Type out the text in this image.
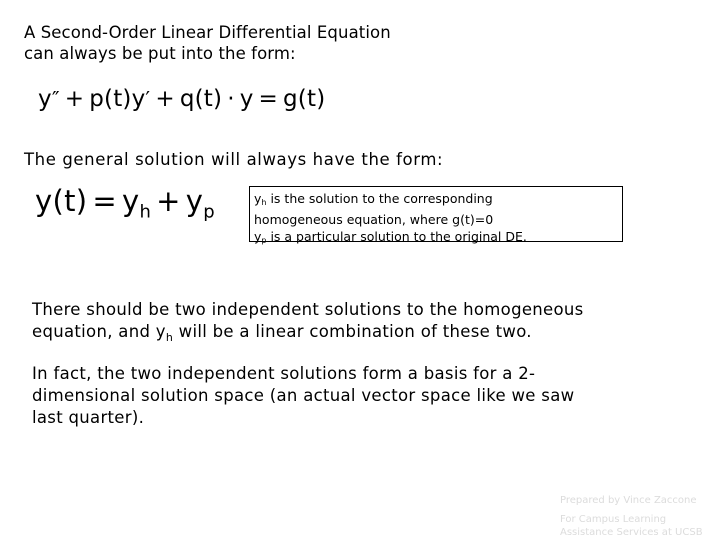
A Second-Order Linear Differential Equation
can always be put into the form:
y″ + p(t)y′ + q(t) · y = g(t)
The general solution will always have the form:
$y(t) = y_h + y_p$
yh is the solution to the corresponding
homogeneous equation, where g(t)=0
yp is a particular solution to the original DE.
There should be two independent solutions to the homogeneous
equation, and $y_h$ will be a linear combination of these two.
In fact, the two independent solutions form a basis for a 2-
dimensional solution space (an actual vector space like we saw
last quarter).
Prepared by Vince Zaccone
For Campus Learning
Assistance Services at UCSB
